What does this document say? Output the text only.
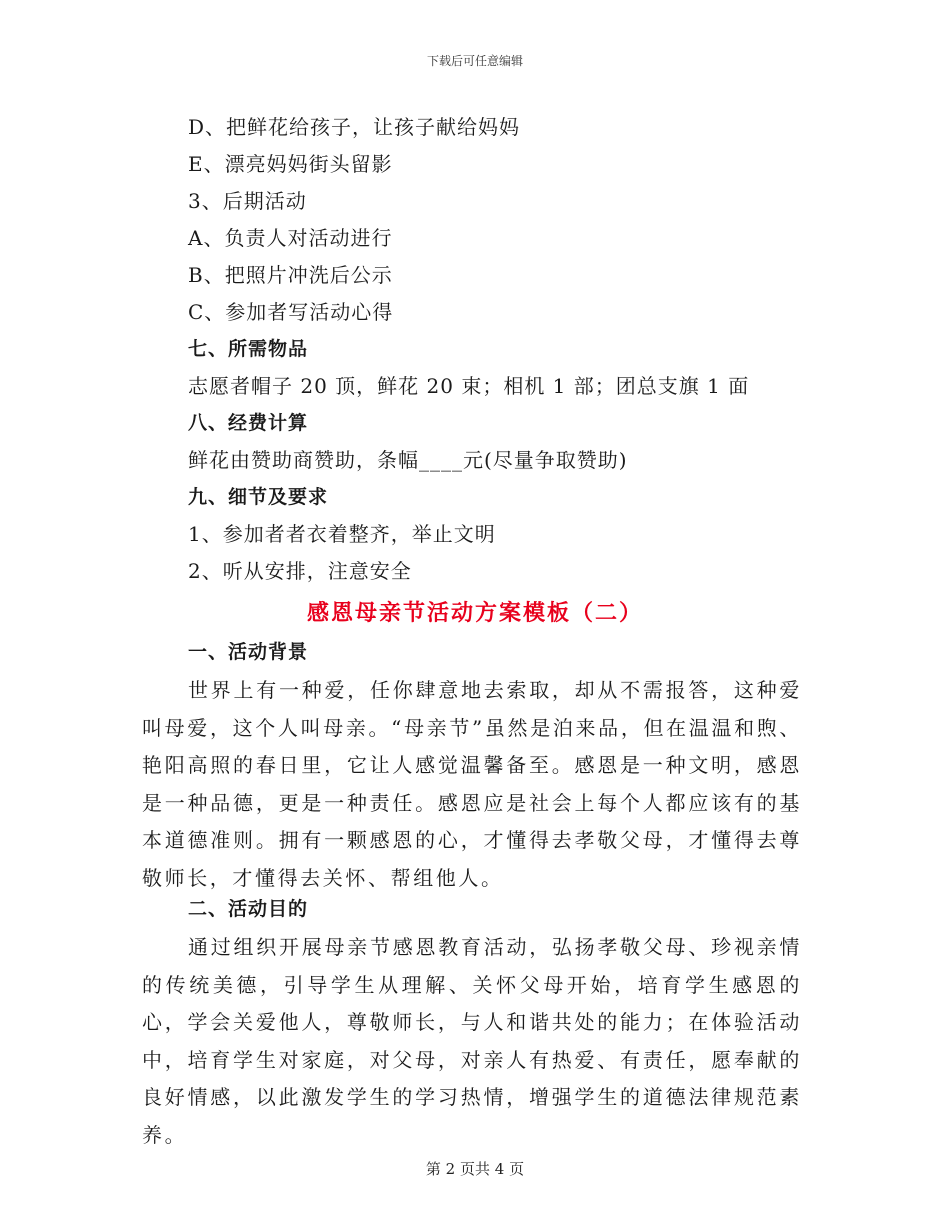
下载后可任意编辑
D、把鲜花给孩子，让孩子献给妈妈
E、漂亮妈妈街头留影
3、后期活动
A、负责人对活动进行
B、把照片冲洗后公示
C、参加者写活动心得
七、所需物品
志愿者帽子 20 顶，鲜花 20 束；相机 1 部；团总支旗 1 面
八、经费计算
鲜花由赞助商赞助，条幅____元(尽量争取赞助)
九、细节及要求
1、参加者者衣着整齐，举止文明
2、听从安排，注意安全
感恩母亲节活动方案模板（二）
一、活动背景
世界上有一种爱，任你肆意地去索取，却从不需报答，这种爱叫母爱，这个人叫母亲。“母亲节”虽然是泊来品，但在温温和煦、艳阳高照的春日里，它让人感觉温馨备至。感恩是一种文明，感恩是一种品德，更是一种责任。感恩应是社会上每个人都应该有的基本道德准则。拥有一颗感恩的心，才懂得去孝敬父母，才懂得去尊敬师长，才懂得去关怀、帮组他人。
二、活动目的
通过组织开展母亲节感恩教育活动，弘扬孝敬父母、珍视亲情的传统美德，引导学生从理解、关怀父母开始，培育学生感恩的心，学会关爱他人，尊敬师长，与人和谐共处的能力；在体验活动中，培育学生对家庭，对父母，对亲人有热爱、有责任，愿奉献的良好情感，以此激发学生的学习热情，增强学生的道德法律规范素养。
第 2 页共 4 页
